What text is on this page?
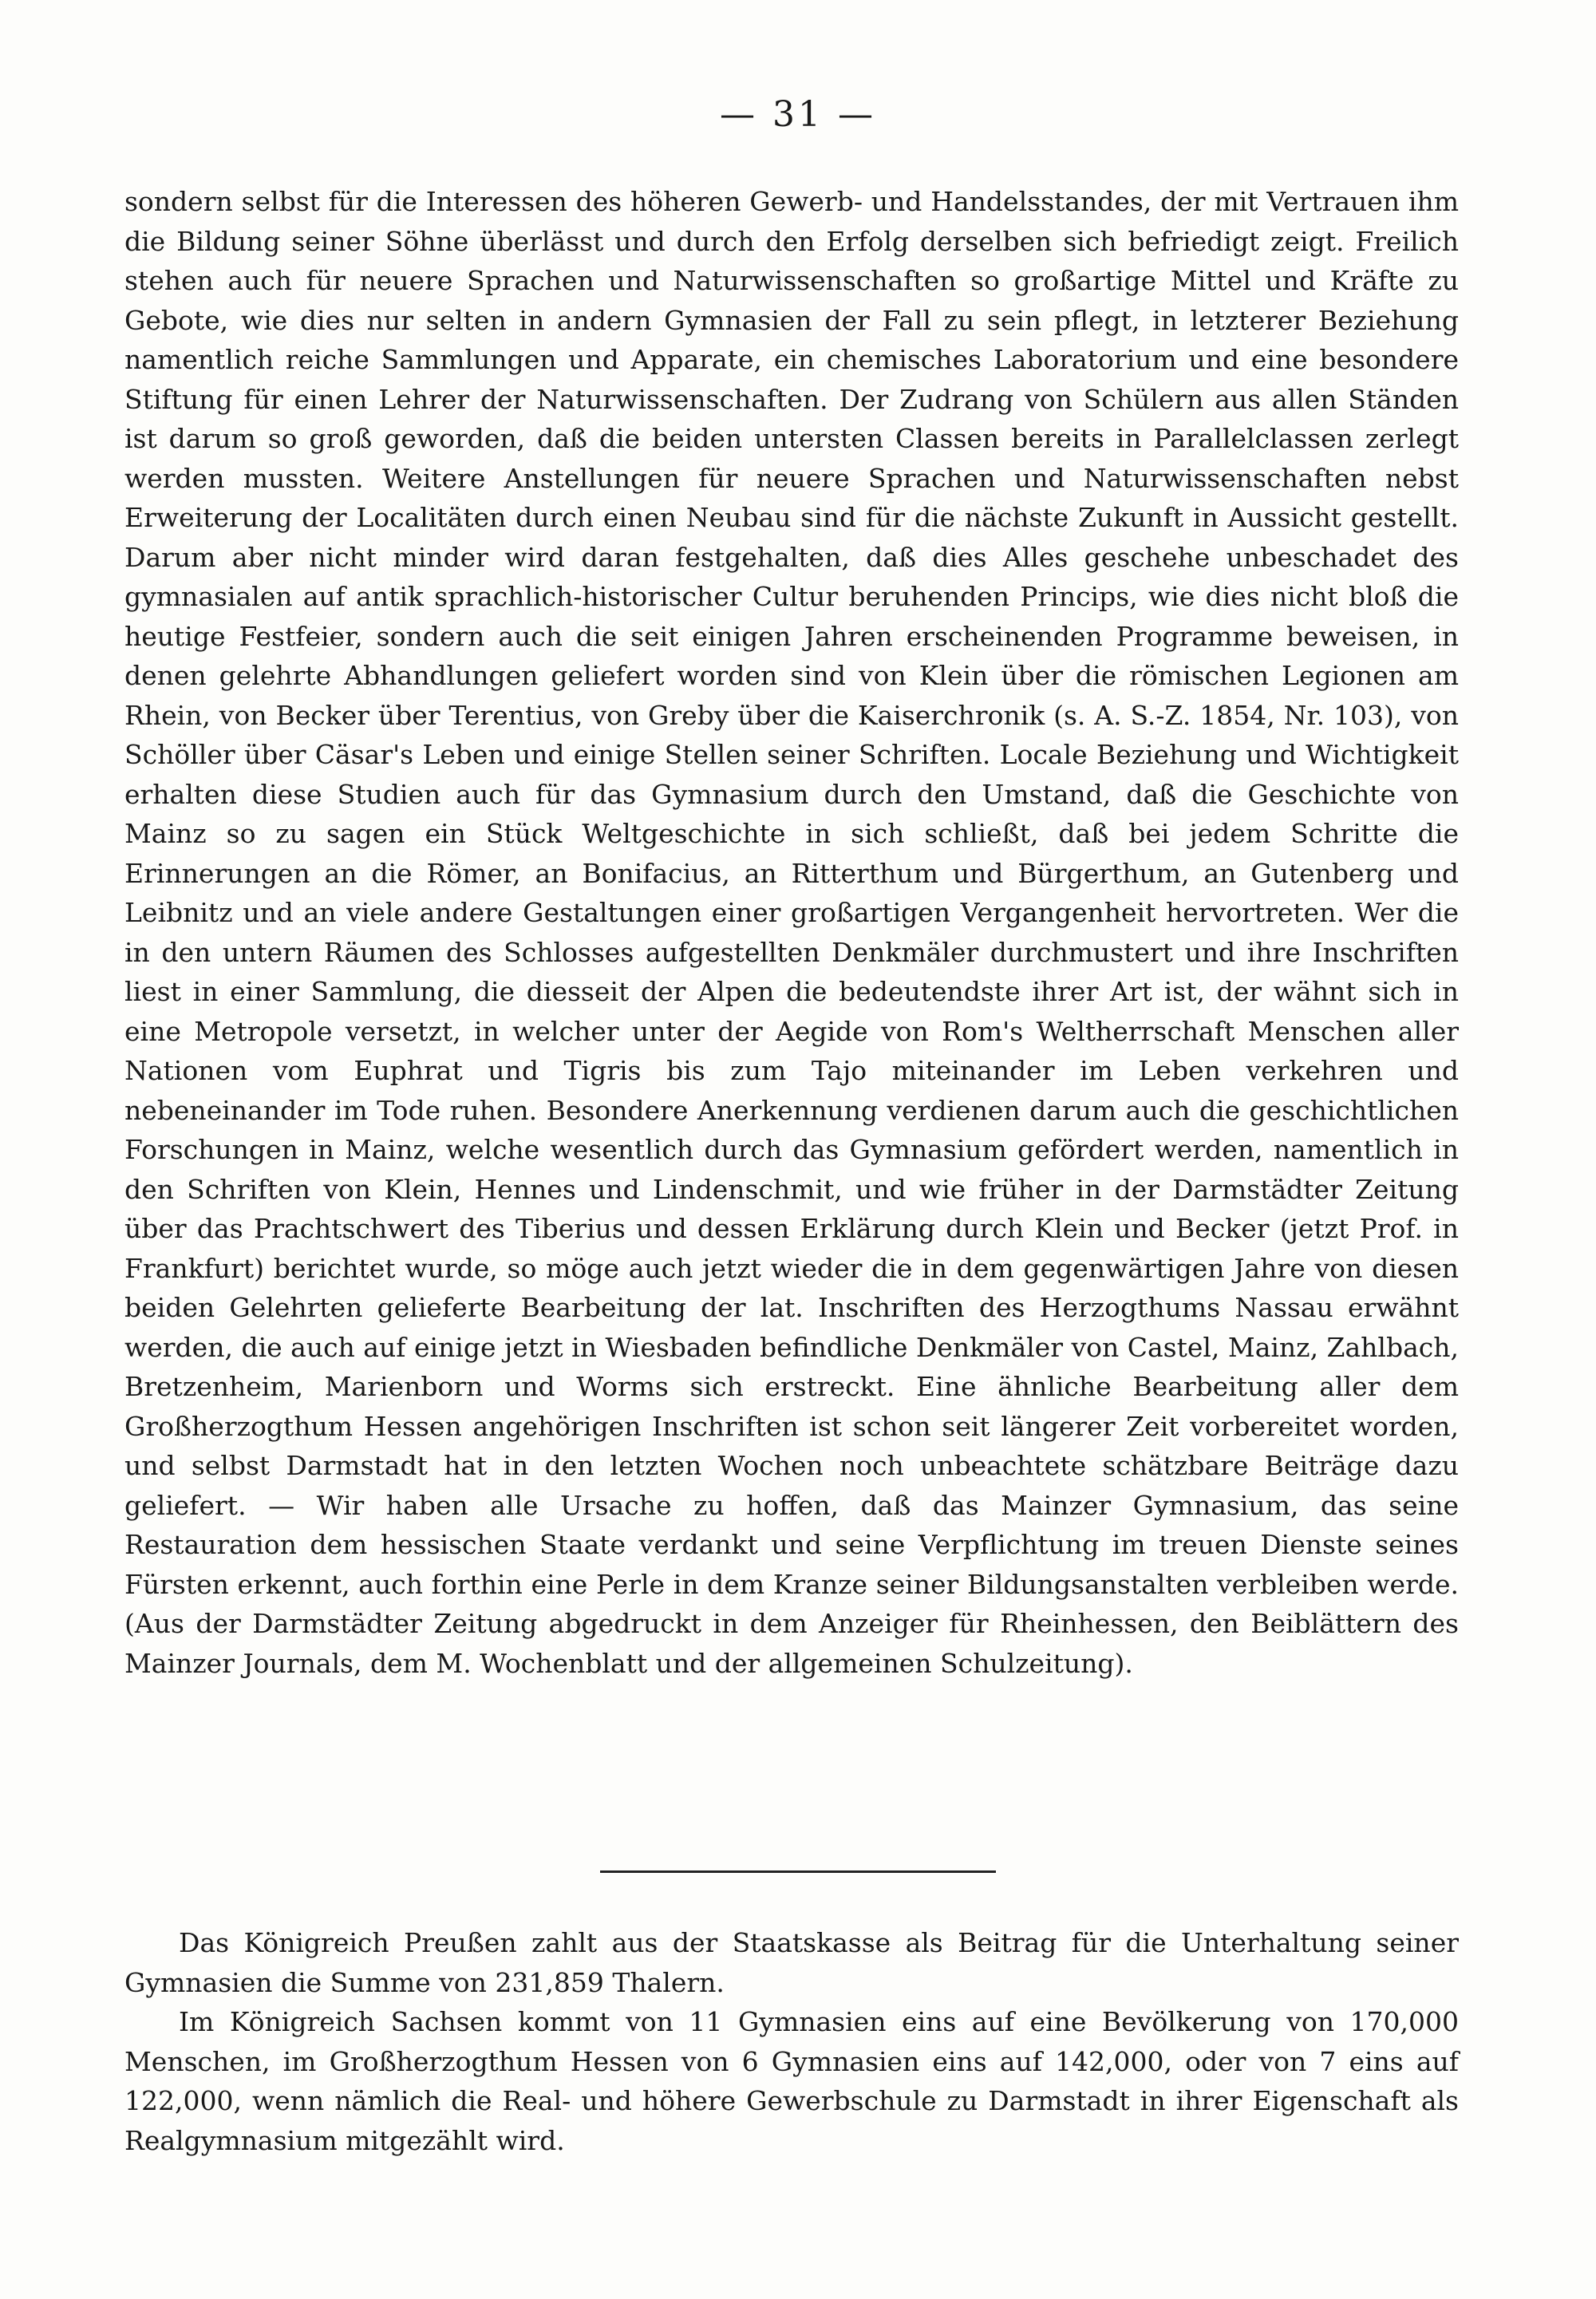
— 31 —

sondern selbst für die Interessen des höheren Gewerb- und Handelsstandes, der mit Vertrauen ihm die Bildung seiner Söhne überlässt und durch den Erfolg derselben sich befriedigt zeigt. Freilich stehen auch für neuere Sprachen und Naturwissenschaften so großartige Mittel und Kräfte zu Gebote, wie dies nur selten in andern Gymnasien der Fall zu sein pflegt, in letzterer Beziehung namentlich reiche Sammlungen und Apparate, ein chemisches Laboratorium und eine besondere Stiftung für einen Lehrer der Naturwissenschaften. Der Zudrang von Schülern aus allen Ständen ist darum so groß geworden, daß die beiden untersten Classen bereits in Parallelclassen zerlegt werden mussten. Weitere Anstellungen für neuere Sprachen und Naturwissenschaften nebst Erweiterung der Localitäten durch einen Neubau sind für die nächste Zukunft in Aussicht gestellt. Darum aber nicht minder wird daran festgehalten, daß dies Alles geschehe unbeschadet des gymnasialen auf antik sprachlich-historischer Cultur beruhenden Princips, wie dies nicht bloß die heutige Festfeier, sondern auch die seit einigen Jahren erscheinenden Programme beweisen, in denen gelehrte Abhandlungen geliefert worden sind von Klein über die römischen Legionen am Rhein, von Becker über Terentius, von Greby über die Kaiserchronik (s. A. S.-Z. 1854, Nr. 103), von Schöller über Cäsar's Leben und einige Stellen seiner Schriften. Locale Beziehung und Wichtigkeit erhalten diese Studien auch für das Gymnasium durch den Umstand, daß die Geschichte von Mainz so zu sagen ein Stück Weltgeschichte in sich schließt, daß bei jedem Schritte die Erinnerungen an die Römer, an Bonifacius, an Ritterthum und Bürgerthum, an Gutenberg und Leibnitz und an viele andere Gestaltungen einer großartigen Vergangenheit hervortreten. Wer die in den untern Räumen des Schlosses aufgestellten Denkmäler durchmustert und ihre Inschriften liest in einer Sammlung, die diesseit der Alpen die bedeutendste ihrer Art ist, der wähnt sich in eine Metropole versetzt, in welcher unter der Aegide von Rom's Weltherrschaft Menschen aller Nationen vom Euphrat und Tigris bis zum Tajo miteinander im Leben verkehren und nebeneinander im Tode ruhen. Besondere Anerkennung verdienen darum auch die geschichtlichen Forschungen in Mainz, welche wesentlich durch das Gymnasium gefördert werden, namentlich in den Schriften von Klein, Hennes und Lindenschmit, und wie früher in der Darmstädter Zeitung über das Prachtschwert des Tiberius und dessen Erklärung durch Klein und Becker (jetzt Prof. in Frankfurt) berichtet wurde, so möge auch jetzt wieder die in dem gegenwärtigen Jahre von diesen beiden Gelehrten gelieferte Bearbeitung der lat. Inschriften des Herzogthums Nassau erwähnt werden, die auch auf einige jetzt in Wiesbaden befindliche Denkmäler von Castel, Mainz, Zahlbach, Bretzenheim, Marienborn und Worms sich erstreckt. Eine ähnliche Bearbeitung aller dem Großherzogthum Hessen angehörigen Inschriften ist schon seit längerer Zeit vorbereitet worden, und selbst Darmstadt hat in den letzten Wochen noch unbeachtete schätzbare Beiträge dazu geliefert. — Wir haben alle Ursache zu hoffen, daß das Mainzer Gymnasium, das seine Restauration dem hessischen Staate verdankt und seine Verpflichtung im treuen Dienste seines Fürsten erkennt, auch forthin eine Perle in dem Kranze seiner Bildungsanstalten verbleiben werde. (Aus der Darmstädter Zeitung abgedruckt in dem Anzeiger für Rheinhessen, den Beiblättern des Mainzer Journals, dem M. Wochenblatt und der allgemeinen Schulzeitung).

Das Königreich Preußen zahlt aus der Staatskasse als Beitrag für die Unterhaltung seiner Gymnasien die Summe von 231,859 Thalern.

Im Königreich Sachsen kommt von 11 Gymnasien eins auf eine Bevölkerung von 170,000 Menschen, im Großherzogthum Hessen von 6 Gymnasien eins auf 142,000, oder von 7 eins auf 122,000, wenn nämlich die Real- und höhere Gewerbschule zu Darmstadt in ihrer Eigenschaft als Realgymnasium mitgezählt wird.
